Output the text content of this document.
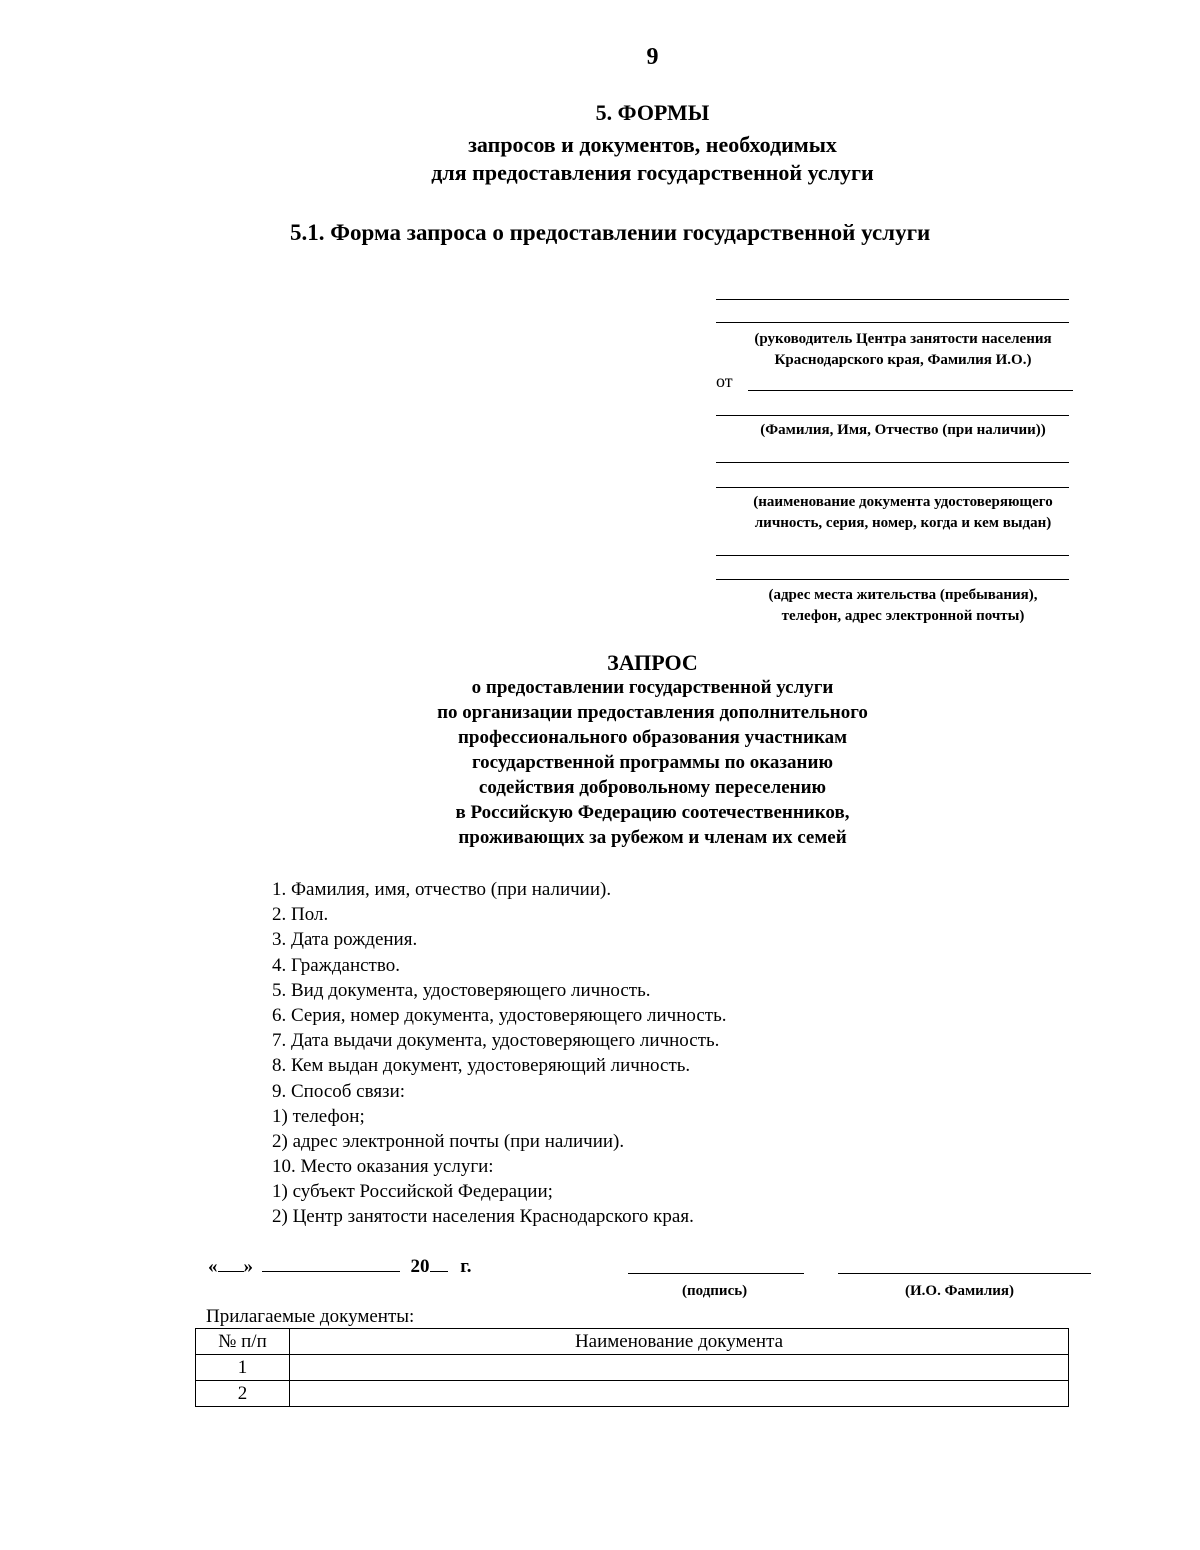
9
5. ФОРМЫ
запросов и документов, необходимых
для предоставления государственной услуги
5.1. Форма запроса о предоставлении государственной услуги
(руководитель Центра занятости населения
Краснодарского края, Фамилия И.О.)
от
(Фамилия, Имя, Отчество (при наличии))
(наименование документа удостоверяющего
личность, серия, номер, когда и кем выдан)
(адрес места жительства (пребывания),
телефон, адрес электронной почты)
ЗАПРОС
о предоставлении государственной услуги
по организации предоставления дополнительного
профессионального образования участникам
государственной программы по оказанию
содействия добровольному переселению
в Российскую Федерацию соотечественников,
проживающих за рубежом и членам их семей
1. Фамилия, имя, отчество (при наличии).
2. Пол.
3. Дата рождения.
4. Гражданство.
5. Вид документа, удостоверяющего личность.
6. Серия, номер документа, удостоверяющего личность.
7. Дата выдачи документа, удостоверяющего личность.
8. Кем выдан документ, удостоверяющий личность.
9. Способ связи:
1) телефон;
2) адрес электронной почты (при наличии).
10. Место оказания услуги:
1) субъект Российской Федерации;
2) Центр занятости населения Краснодарского края.
« »	20 г.
(подпись)	(И.О. Фамилия)
Прилагаемые документы:
№ п/п	Наименование документа
1	
2	
